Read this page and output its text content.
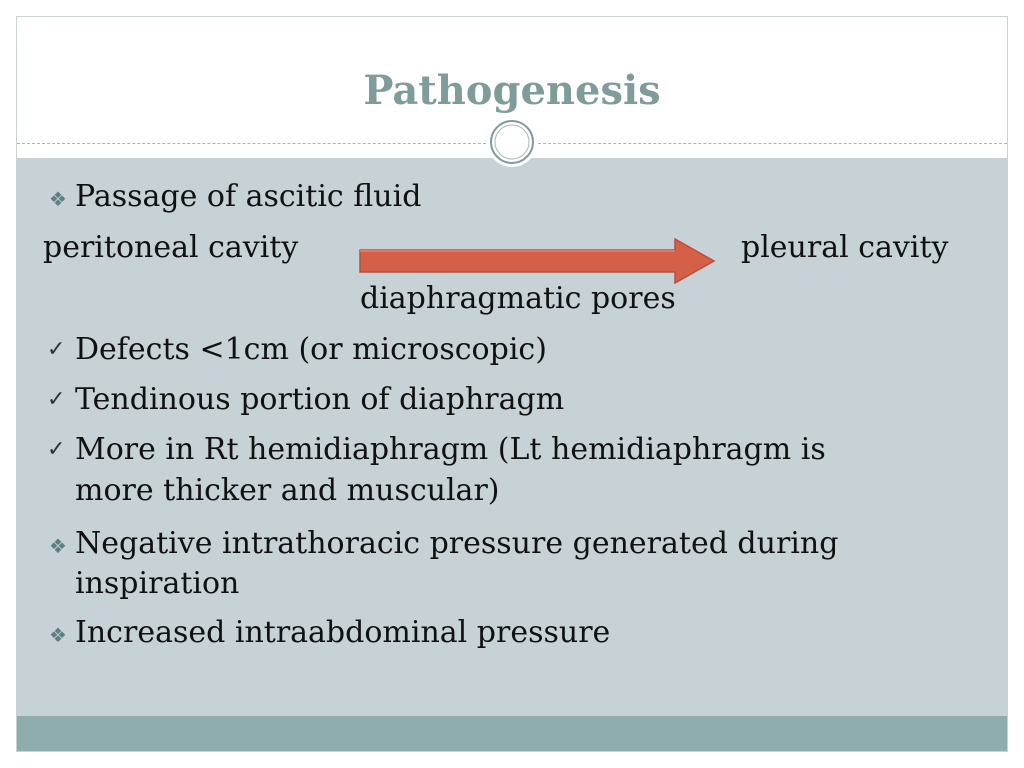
Pathogenesis
❖ Passage of ascitic fluid
peritoneal cavity	pleural cavity
diaphragmatic pores
✓ Defects <1cm (or microscopic)
✓ Tendinous portion of diaphragm
✓ More in Rt hemidiaphragm (Lt hemidiaphragm is
more thicker and muscular)
❖ Negative intrathoracic pressure generated during
inspiration
❖ Increased intraabdominal pressure
